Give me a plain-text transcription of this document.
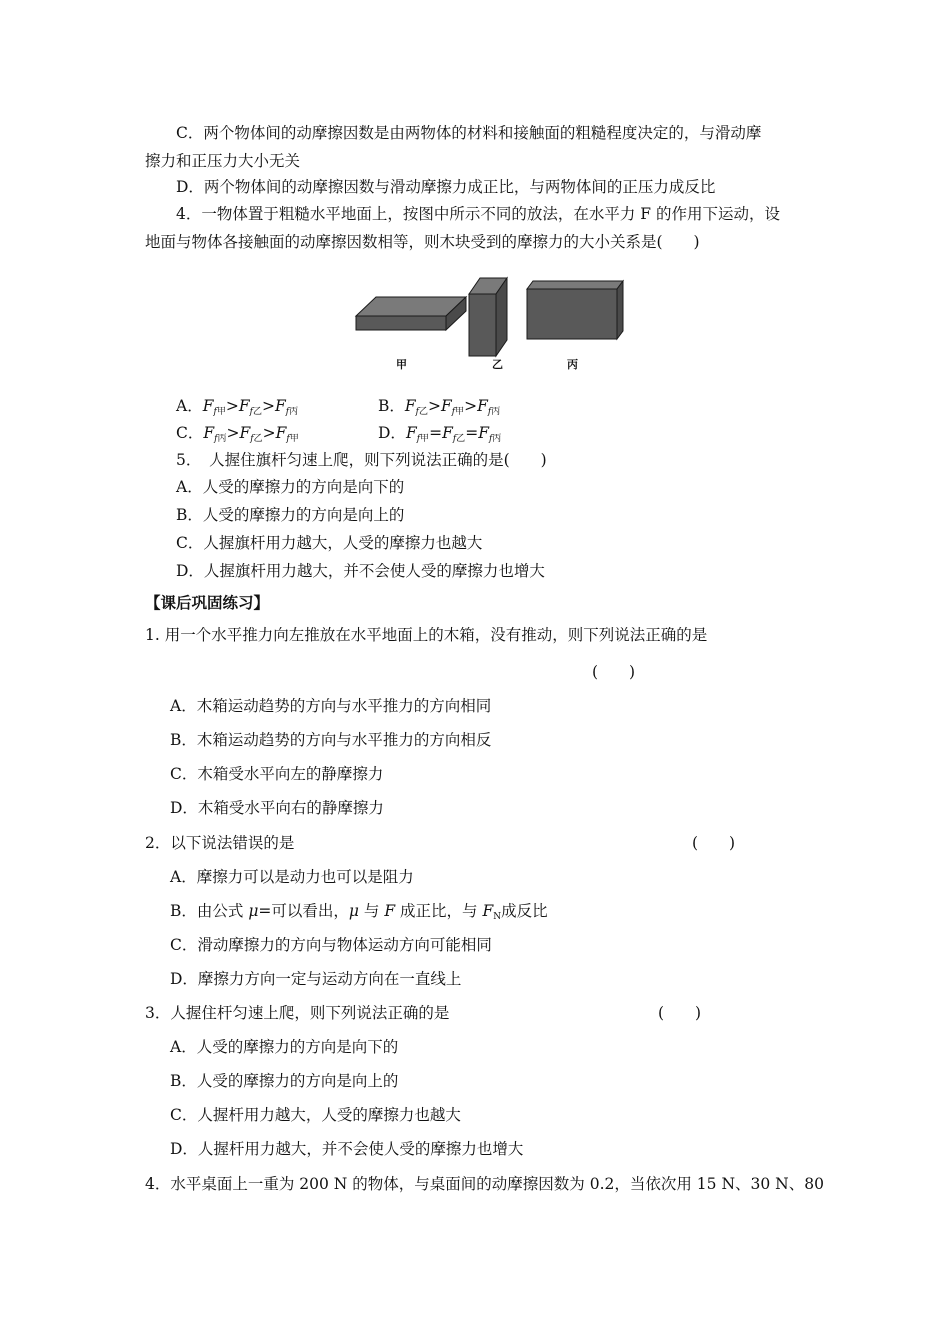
C．两个物体间的动摩擦因数是由两物体的材料和接触面的粗糙程度决定的，与滑动摩
擦力和正压力大小无关
D．两个物体间的动摩擦因数与滑动摩擦力成正比，与两物体间的正压力成反比
4．一物体置于粗糙水平地面上，按图中所示不同的放法，在水平力 F 的作用下运动，设
地面与物体各接触面的动摩擦因数相等，则木块受到的摩擦力的大小关系是(　　)
甲	乙	丙
A．$F_{f甲}>F_{f乙}>F_{f丙}$	B．$F_{f乙}>F_{f甲}>F_{f丙}$
C．$F_{f丙}>F_{f乙}>F_{f甲}$	D．$F_{f甲}=F_{f乙}=F_{f丙}$
5．　人握住旗杆匀速上爬，则下列说法正确的是(　　)
A．人受的摩擦力的方向是向下的
B．人受的摩擦力的方向是向上的
C．人握旗杆用力越大，人受的摩擦力也越大
D．人握旗杆用力越大，并不会使人受的摩擦力也增大
【课后巩固练习】
1. 用一个水平推力向左推放在水平地面上的木箱，没有推动，则下列说法正确的是
(　　)
A．木箱运动趋势的方向与水平推力的方向相同
B．木箱运动趋势的方向与水平推力的方向相反
C．木箱受水平向左的静摩擦力
D．木箱受水平向右的静摩擦力
2．以下说法错误的是	(　　)
A．摩擦力可以是动力也可以是阻力
B．由公式 μ=可以看出，μ 与 F 成正比，与 $F_N$成反比
C．滑动摩擦力的方向与物体运动方向可能相同
D．摩擦力方向一定与运动方向在一直线上
3．人握住杆匀速上爬，则下列说法正确的是	(　　)
A．人受的摩擦力的方向是向下的
B．人受的摩擦力的方向是向上的
C．人握杆用力越大，人受的摩擦力也越大
D．人握杆用力越大，并不会使人受的摩擦力也增大
4．水平桌面上一重为 200 N 的物体，与桌面间的动摩擦因数为 0.2，当依次用 15 N、30 N、80
